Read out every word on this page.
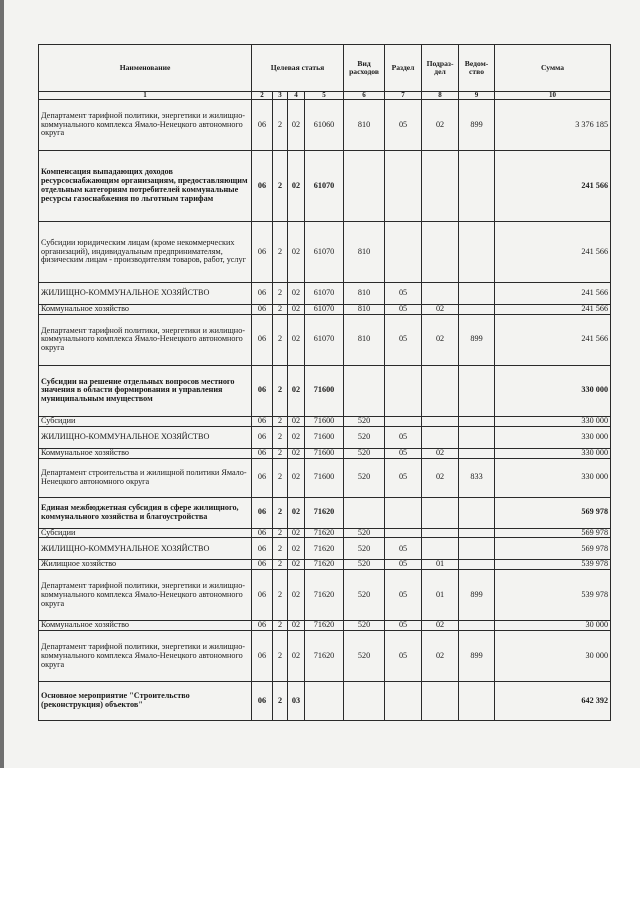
Наименование	Целевая статья				Вид расходов	Раздел	Подраз-дел	Ведом-ство	Сумма
1	2	3	4	5	6	7	8	9	10
Департамент тарифной политики, энергетики и жилищно-коммунального комплекса Ямало-Ненецкого автономного округа	06	2	02	61060	810	05	02	899	3 376 185
Компенсация выпадающих доходов ресурсоснабжающим организациям, предоставляющим отдельным категориям потребителей коммунальные ресурсы газоснабжения по льготным тарифам	06	2	02	61070					241 566
Субсидии юридическим лицам (кроме некоммерческих организаций), индивидуальным предпринимателям, физическим лицам - производителям товаров, работ, услуг	06	2	02	61070	810				241 566
ЖИЛИЩНО-КОММУНАЛЬНОЕ ХОЗЯЙСТВО	06	2	02	61070	810	05			241 566
Коммунальное хозяйство	06	2	02	61070	810	05	02		241 566
Департамент тарифной политики, энергетики и жилищно-коммунального комплекса Ямало-Ненецкого автономного округа	06	2	02	61070	810	05	02	899	241 566
Субсидии на решение отдельных вопросов местного значения в области формирования и управления муниципальным имуществом	06	2	02	71600					330 000
Субсидии	06	2	02	71600	520				330 000
ЖИЛИЩНО-КОММУНАЛЬНОЕ ХОЗЯЙСТВО	06	2	02	71600	520	05			330 000
Коммунальное хозяйство	06	2	02	71600	520	05	02		330 000
Департамент строительства и жилищной политики Ямало-Ненецкого автономного округа	06	2	02	71600	520	05	02	833	330 000
Единая межбюджетная субсидия в сфере жилищного, коммунального хозяйства и благоустройства	06	2	02	71620					569 978
Субсидии	06	2	02	71620	520				569 978
ЖИЛИЩНО-КОММУНАЛЬНОЕ ХОЗЯЙСТВО	06	2	02	71620	520	05			569 978
Жилищное хозяйство	06	2	02	71620	520	05	01		539 978
Департамент тарифной политики, энергетики и жилищно-коммунального комплекса Ямало-Ненецкого автономного округа	06	2	02	71620	520	05	01	899	539 978
Коммунальное хозяйство	06	2	02	71620	520	05	02		30 000
Департамент тарифной политики, энергетики и жилищно-коммунального комплекса Ямало-Ненецкого автономного округа	06	2	02	71620	520	05	02	899	30 000
Основное мероприятие "Строительство (реконструкция) объектов"	06	2	03						642 392
